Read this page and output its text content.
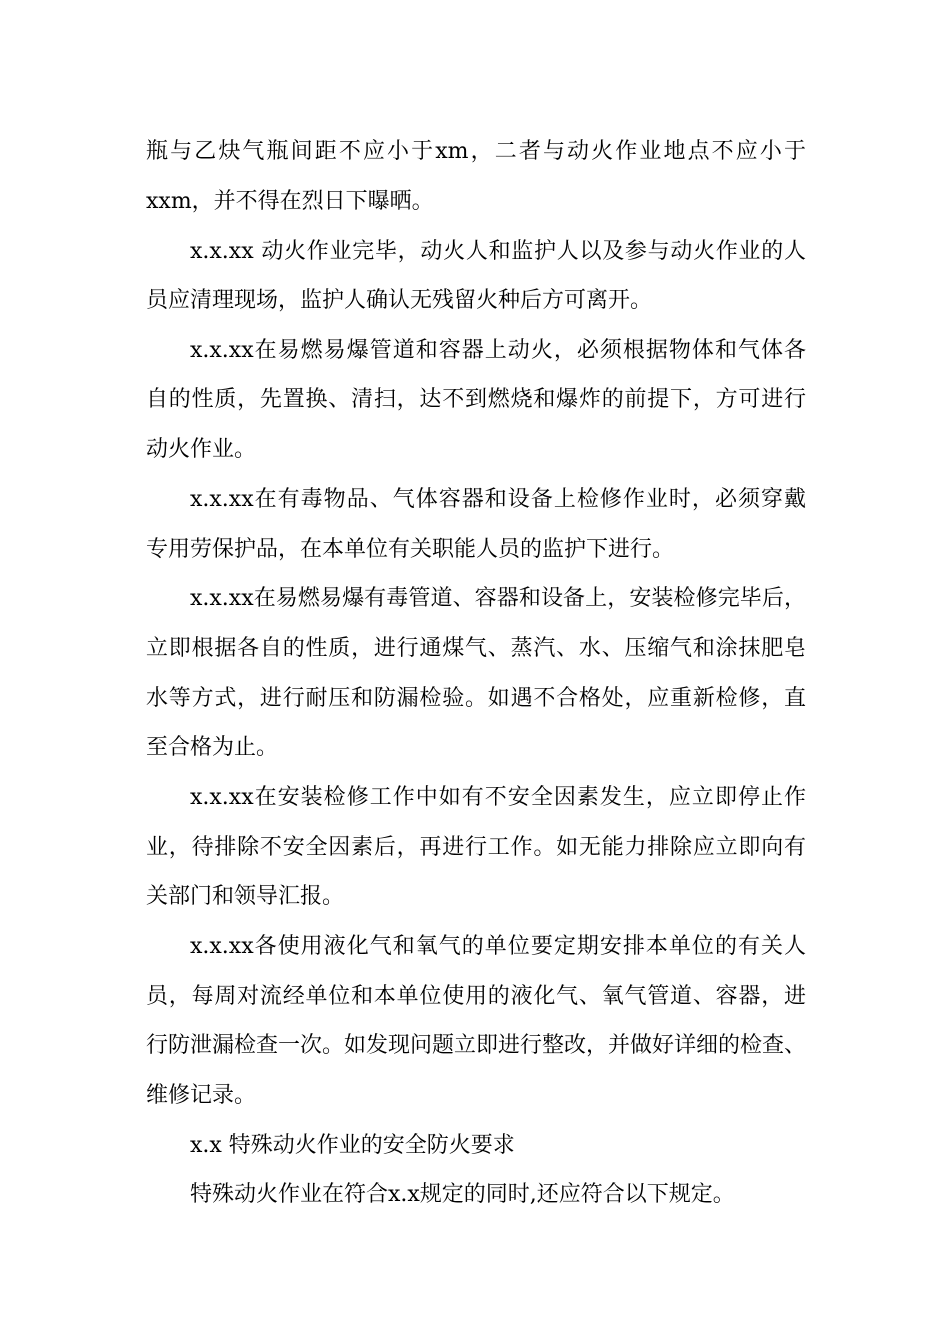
瓶与乙炔气瓶间距不应小于xm，二者与动火作业地点不应小于
xxm，并不得在烈日下曝晒。
x.x.xx 动火作业完毕，动火人和监护人以及参与动火作业的人
员应清理现场，监护人确认无残留火种后方可离开。
x.x.xx在易燃易爆管道和容器上动火，必须根据物体和气体各
自的性质，先置换、清扫，达不到燃烧和爆炸的前提下，方可进行
动火作业。
x.x.xx在有毒物品、气体容器和设备上检修作业时，必须穿戴
专用劳保护品，在本单位有关职能人员的监护下进行。
x.x.xx在易燃易爆有毒管道、容器和设备上，安装检修完毕后，
立即根据各自的性质，进行通煤气、蒸汽、水、压缩气和涂抹肥皂
水等方式，进行耐压和防漏检验。如遇不合格处，应重新检修，直
至合格为止。
x.x.xx在安装检修工作中如有不安全因素发生，应立即停止作
业，待排除不安全因素后，再进行工作。如无能力排除应立即向有
关部门和领导汇报。
x.x.xx各使用液化气和氧气的单位要定期安排本单位的有关人
员，每周对流经单位和本单位使用的液化气、氧气管道、容器，进
行防泄漏检查一次。如发现问题立即进行整改，并做好详细的检查、
维修记录。
x.x 特殊动火作业的安全防火要求
特殊动火作业在符合x.x规定的同时,还应符合以下规定。
